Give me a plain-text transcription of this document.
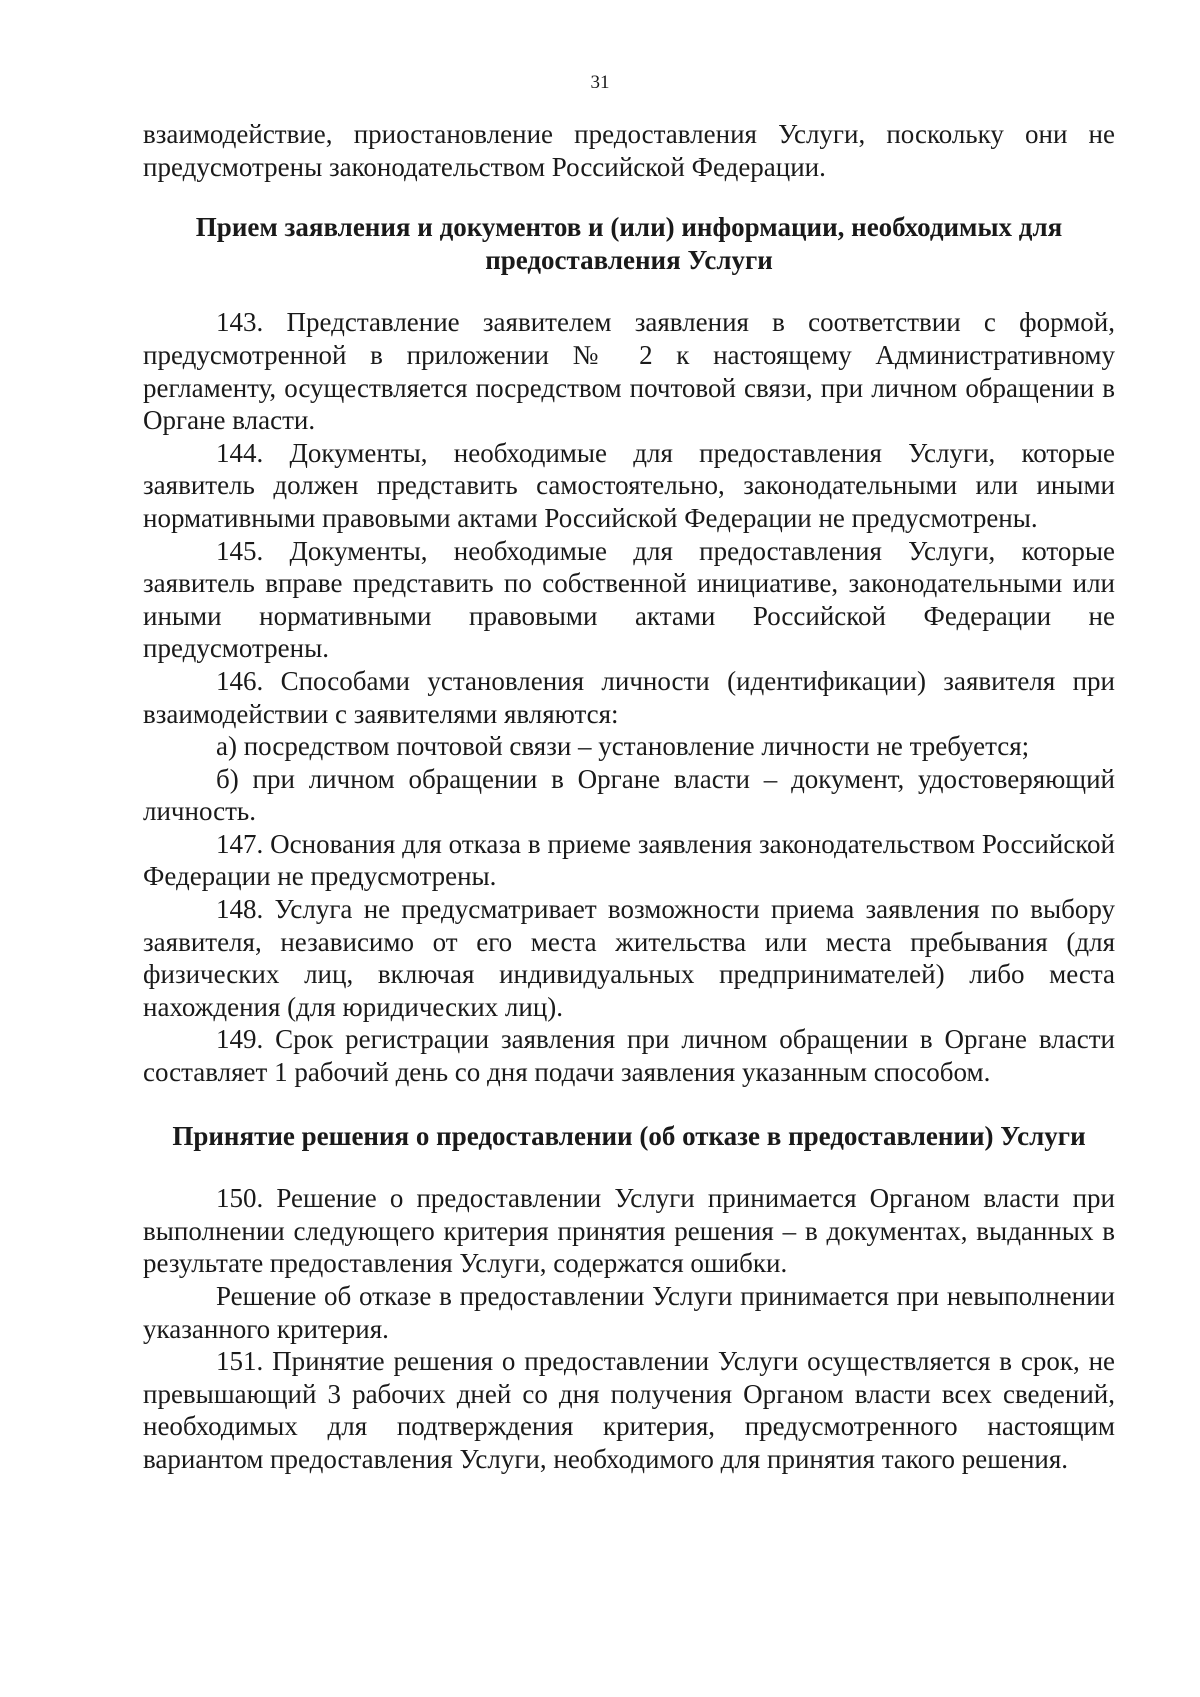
31

взаимодействие, приостановление предоставления Услуги, поскольку они не предусмотрены законодательством Российской Федерации.

Прием заявления и документов и (или) информации, необходимых для
предоставления Услуги

143. Представление заявителем заявления в соответствии с формой, предусмотренной в приложении № 2 к настоящему Административному регламенту, осуществляется посредством почтовой связи, при личном обращении в Органе власти.

144. Документы, необходимые для предоставления Услуги, которые заявитель должен представить самостоятельно, законодательными или иными нормативными правовыми актами Российской Федерации не предусмотрены.

145. Документы, необходимые для предоставления Услуги, которые заявитель вправе представить по собственной инициативе, законодательными или иными нормативными правовыми актами Российской Федерации не предусмотрены.

146. Способами установления личности (идентификации) заявителя при взаимодействии с заявителями являются:

а) посредством почтовой связи – установление личности не требуется;

б) при личном обращении в Органе власти – документ, удостоверяющий личность.

147. Основания для отказа в приеме заявления законодательством Российской Федерации не предусмотрены.

148. Услуга не предусматривает возможности приема заявления по выбору заявителя, независимо от его места жительства или места пребывания (для физических лиц, включая индивидуальных предпринимателей) либо места нахождения (для юридических лиц).

149. Срок регистрации заявления при личном обращении в Органе власти составляет 1 рабочий день со дня подачи заявления указанным способом.

Принятие решения о предоставлении (об отказе в предоставлении) Услуги

150. Решение о предоставлении Услуги принимается Органом власти при выполнении следующего критерия принятия решения – в документах, выданных в результате предоставления Услуги, содержатся ошибки.

Решение об отказе в предоставлении Услуги принимается при невыполнении указанного критерия.

151. Принятие решения о предоставлении Услуги осуществляется в срок, не превышающий 3 рабочих дней со дня получения Органом власти всех сведений, необходимых для подтверждения критерия, предусмотренного настоящим вариантом предоставления Услуги, необходимого для принятия такого решения.
